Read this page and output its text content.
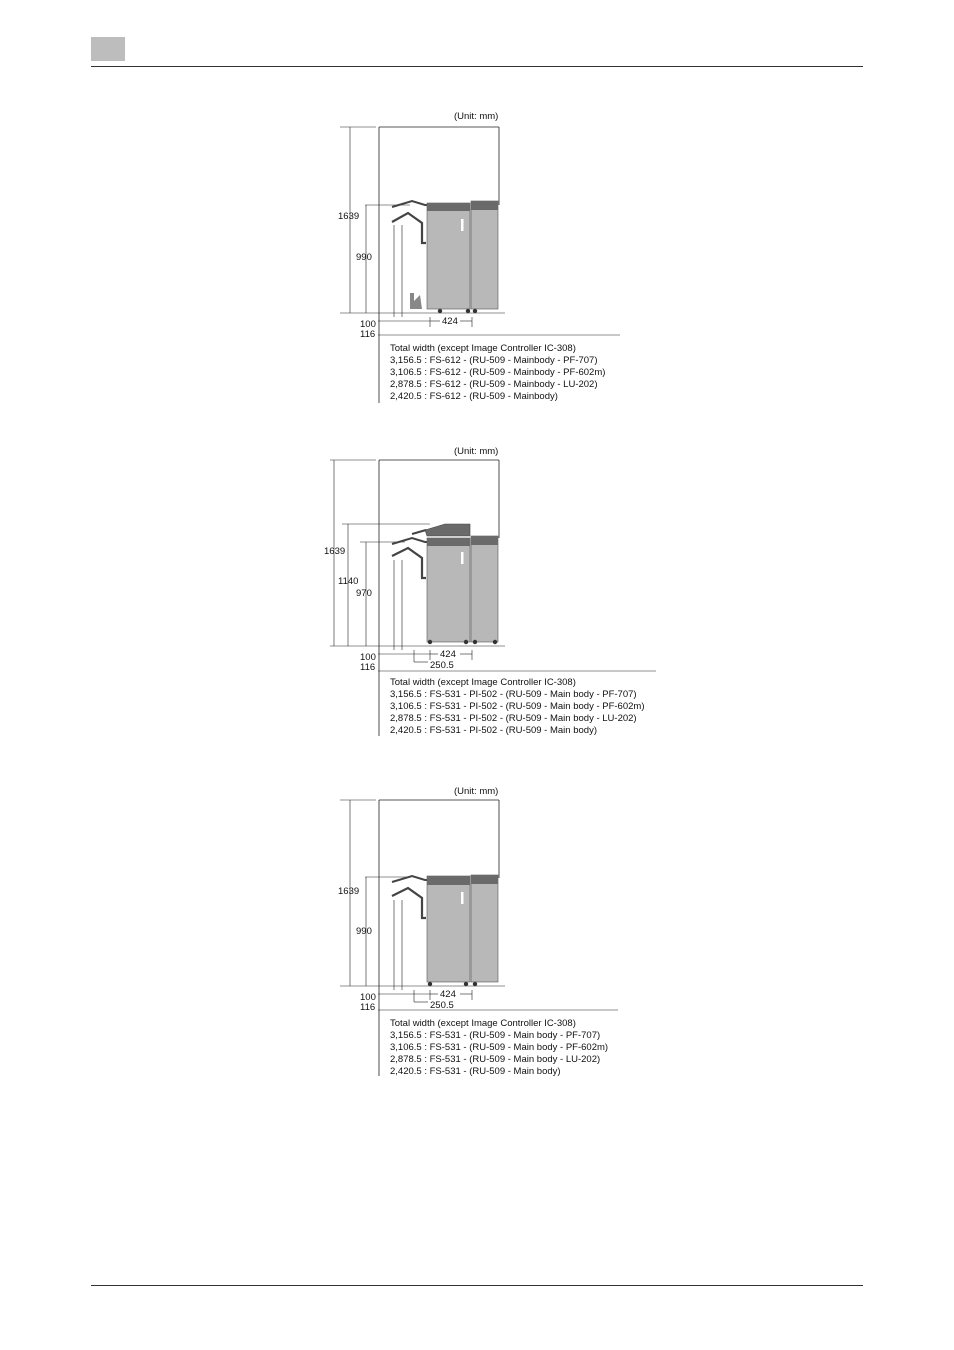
(Unit: mm)
1639
990
424
100
116
Total width (except Image Controller IC-308)
3,156.5 : FS-612 - (RU-509 - Mainbody - PF-707)
3,106.5 : FS-612 - (RU-509 - Mainbody - PF-602m)
2,878.5 : FS-612 - (RU-509 - Mainbody - LU-202)
2,420.5 : FS-612 - (RU-509 - Mainbody)
(Unit: mm)
1639
1140
970
424
250.5
100
116
Total width (except Image Controller IC-308)
3,156.5 : FS-531 - PI-502 - (RU-509 - Main body - PF-707)
3,106.5 : FS-531 - PI-502 - (RU-509 - Main body - PF-602m)
2,878.5 : FS-531 - PI-502 - (RU-509 - Main body - LU-202)
2,420.5 : FS-531 - PI-502 - (RU-509 - Main body)
(Unit: mm)
1639
990
424
250.5
100
116
Total width (except Image Controller IC-308)
3,156.5 : FS-531 - (RU-509 - Main body - PF-707)
3,106.5 : FS-531 - (RU-509 - Main body - PF-602m)
2,878.5 : FS-531 - (RU-509 - Main body - LU-202)
2,420.5 : FS-531 - (RU-509 - Main body)
